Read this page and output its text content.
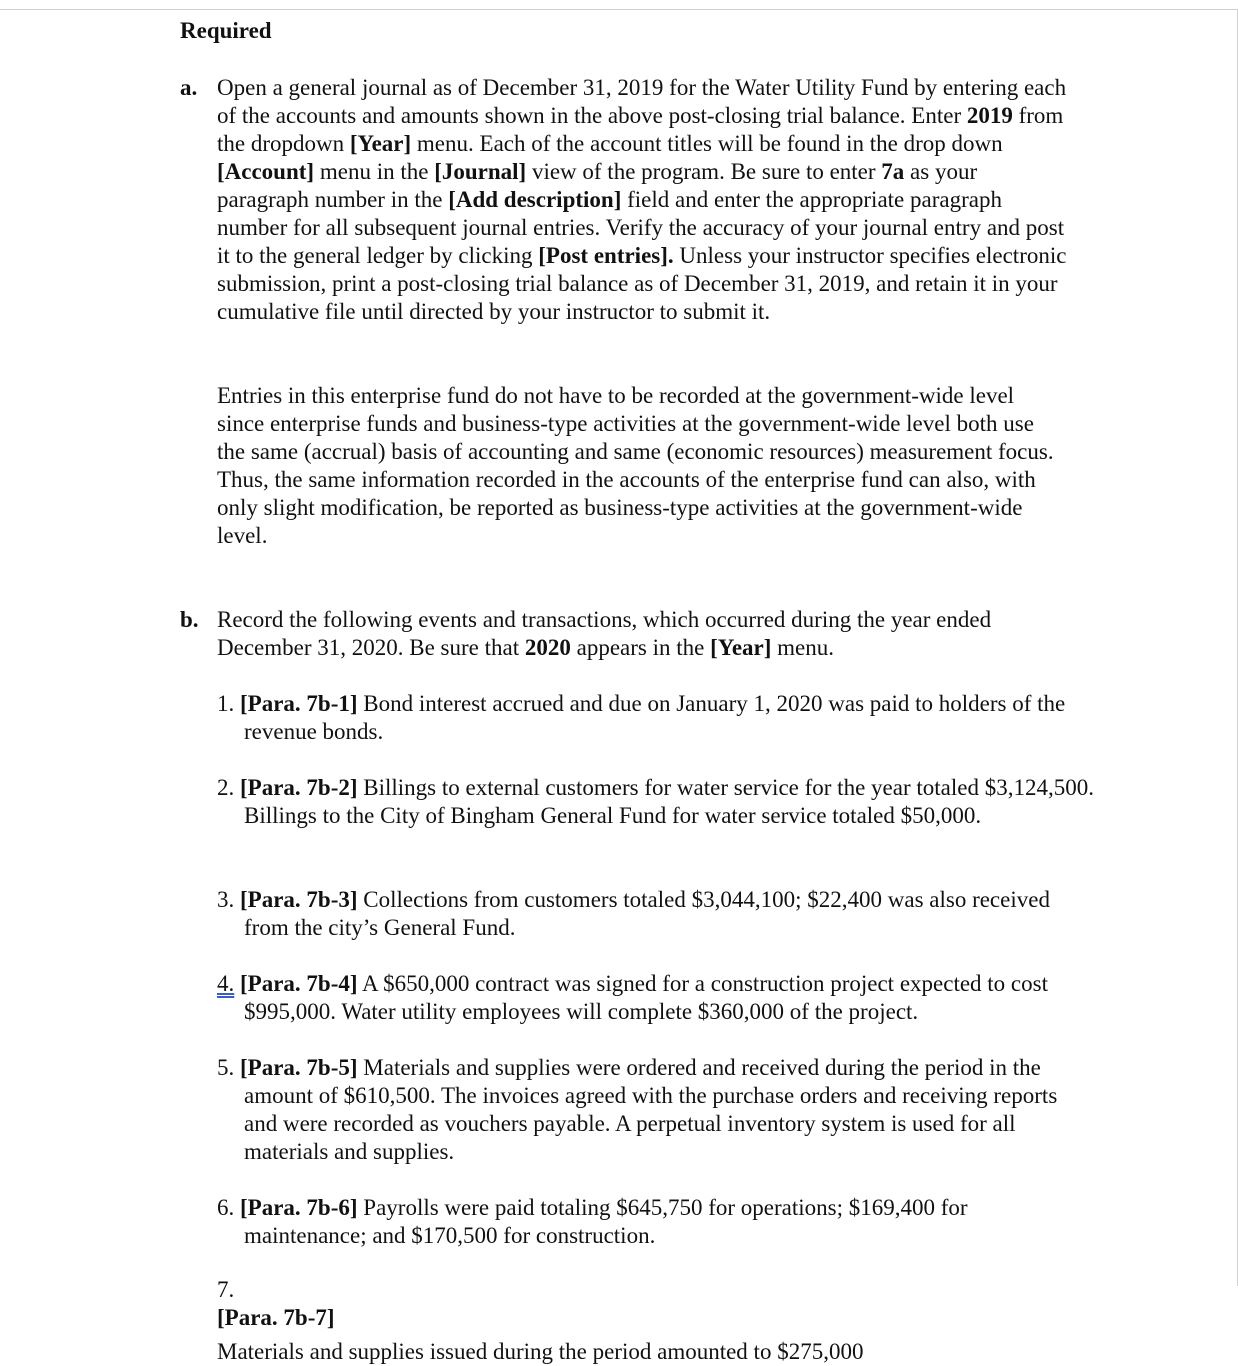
Required
a. Open a general journal as of December 31, 2019 for the Water Utility Fund by entering each of the accounts and amounts shown in the above post-closing trial balance. Enter 2019 from the dropdown [Year] menu. Each of the account titles will be found in the drop down [Account] menu in the [Journal] view of the program. Be sure to enter 7a as your paragraph number in the [Add description] field and enter the appropriate paragraph number for all subsequent journal entries. Verify the accuracy of your journal entry and post it to the general ledger by clicking [Post entries]. Unless your instructor specifies electronic submission, print a post-closing trial balance as of December 31, 2019, and retain it in your cumulative file until directed by your instructor to submit it.

Entries in this enterprise fund do not have to be recorded at the government-wide level since enterprise funds and business-type activities at the government-wide level both use the same (accrual) basis of accounting and same (economic resources) measurement focus. Thus, the same information recorded in the accounts of the enterprise fund can also, with only slight modification, be reported as business-type activities at the government-wide level.

b. Record the following events and transactions, which occurred during the year ended December 31, 2020. Be sure that 2020 appears in the [Year] menu.

1. [Para. 7b-1] Bond interest accrued and due on January 1, 2020 was paid to holders of the revenue bonds.

2. [Para. 7b-2] Billings to external customers for water service for the year totaled $3,124,500. Billings to the City of Bingham General Fund for water service totaled $50,000.

3. [Para. 7b-3] Collections from customers totaled $3,044,100; $22,400 was also received from the city’s General Fund.

4. [Para. 7b-4] A $650,000 contract was signed for a construction project expected to cost $995,000. Water utility employees will complete $360,000 of the project.

5. [Para. 7b-5] Materials and supplies were ordered and received during the period in the amount of $610,500. The invoices agreed with the purchase orders and receiving reports and were recorded as vouchers payable. A perpetual inventory system is used for all materials and supplies.

6. [Para. 7b-6] Payrolls were paid totaling $645,750 for operations; $169,400 for maintenance; and $170,500 for construction.

7.
[Para. 7b-7]
Materials and supplies issued during the period amounted to $275,000
